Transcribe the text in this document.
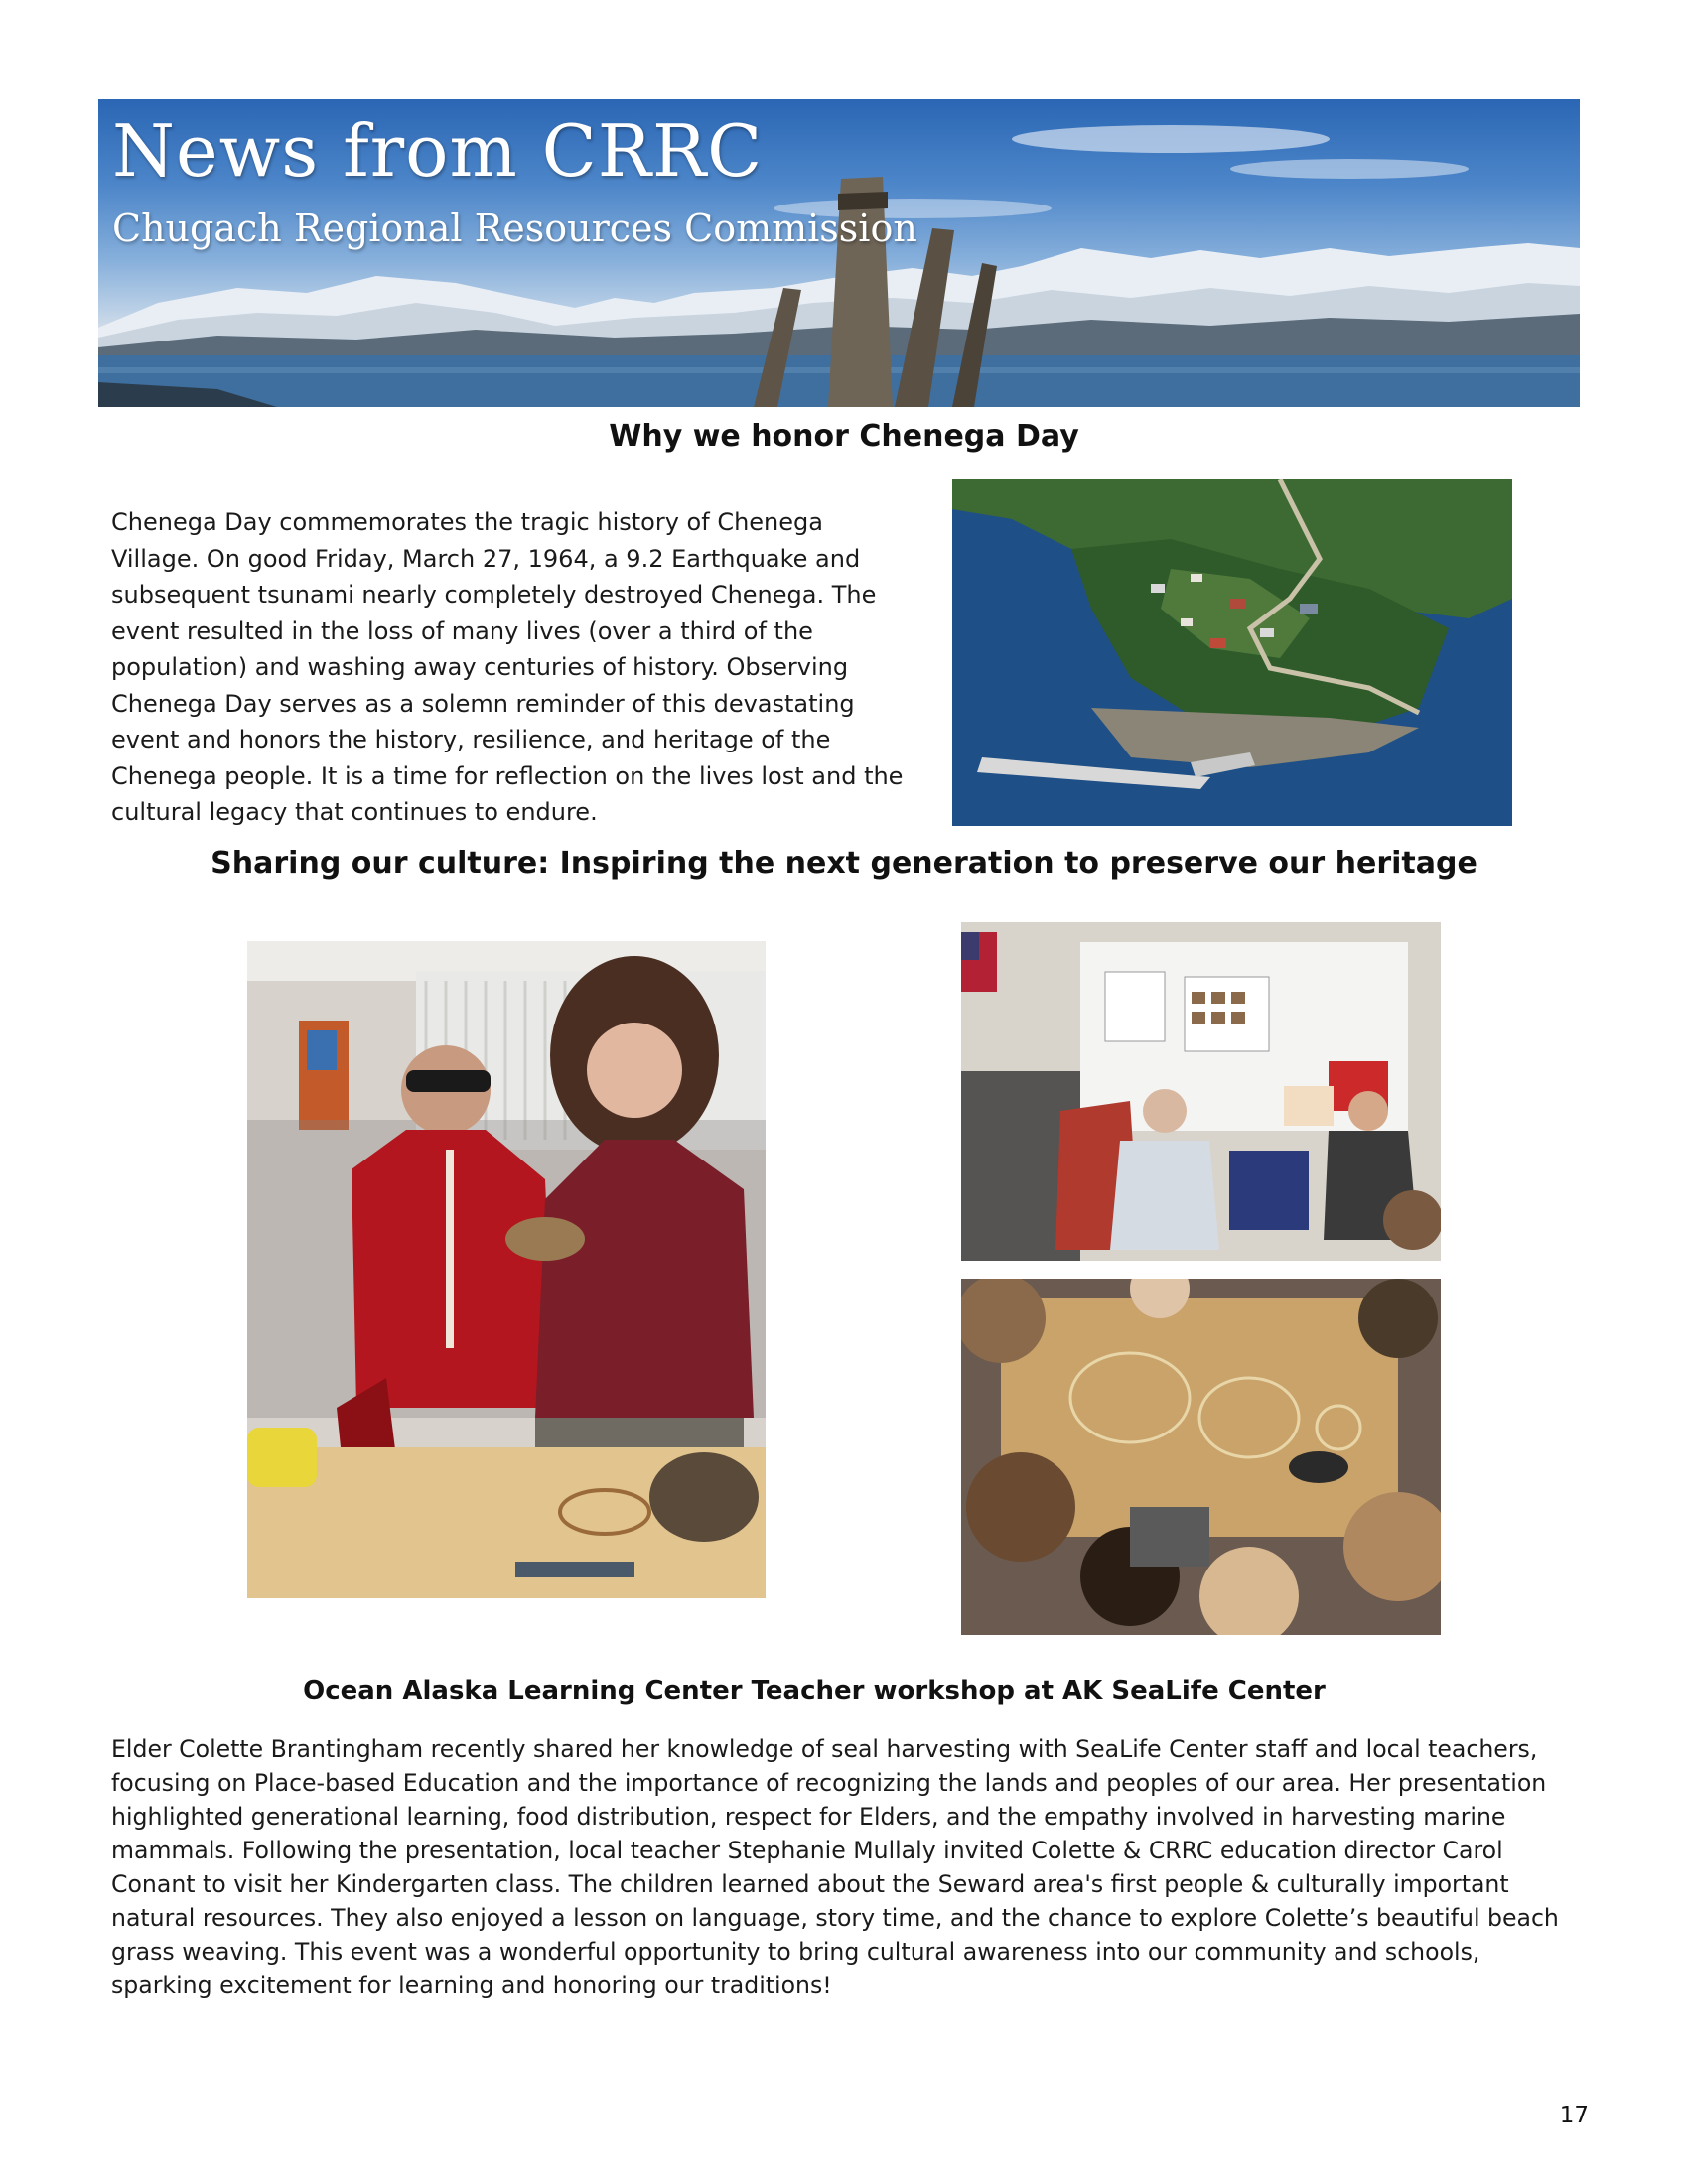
News from CRRC
Chugach Regional Resources Commission
Why we honor Chenega Day

Chenega Day commemorates the tragic history of Chenega Village. On good Friday, March 27, 1964, a 9.2 Earthquake and subsequent tsunami nearly completely destroyed Chenega. The event resulted in the loss of many lives (over a third of the population) and washing away centuries of history. Observing Chenega Day serves as a solemn reminder of this devastating event and honors the history, resilience, and heritage of the Chenega people. It is a time for reflection on the lives lost and the cultural legacy that continues to endure.

Sharing our culture: Inspiring the next generation to preserve our heritage
Ocean Alaska Learning Center Teacher workshop at AK SeaLife Center

Elder Colette Brantingham recently shared her knowledge of seal harvesting with SeaLife Center staff and local teachers, focusing on Place-based Education and the importance of recognizing the lands and peoples of our area. Her presentation highlighted generational learning, food distribution, respect for Elders, and the empathy involved in harvesting marine mammals. Following the presentation, local teacher Stephanie Mullaly invited Colette & CRRC education director Carol Conant to visit her Kindergarten class. The children learned about the Seward area's first people & culturally important natural resources. They also enjoyed a lesson on language, story time, and the chance to explore Colette’s beautiful beach grass weaving. This event was a wonderful opportunity to bring cultural awareness into our community and schools, sparking excitement for learning and honoring our traditions!

17
